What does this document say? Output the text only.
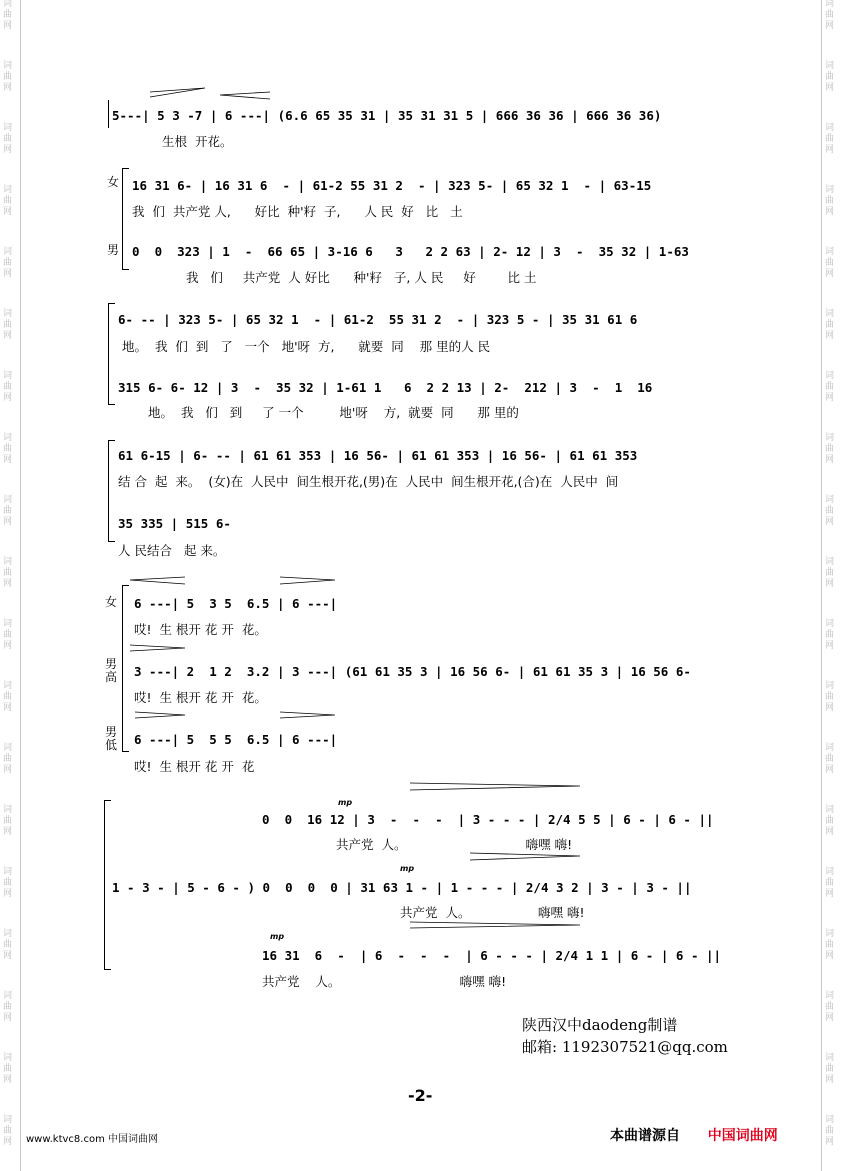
词
曲
网
词
曲
网
词
曲
网
词
曲
网
词
曲
网
词
曲
网
词
曲
网
词
曲
网
词
曲
网
词
曲
网
词
曲
网
词
曲
网
词
曲
网
词
曲
网
词
曲
网
词
曲
网
词
曲
网
词
曲
网
词
曲
网
词
曲
网
词
曲
网
词
曲
网
词
曲
网
词
曲
网
词
曲
网
词
曲
网
词
曲
网
词
曲
网
词
曲
网
词
曲
网
词
曲
网
词
曲
网
词
曲
网
词
曲
网
词
曲
网
词
曲
网
词
曲
网
词
曲
网
5---| 5 3 -7 | 6 ---| (6.6 65 35 31 | 35 31 31 5 | 666 36 36 | 666 36 36)
生根  开花。
女 16 31 6- | 16 31 6  - | 61-2 55 31 2  - | 323 5- | 65 32 1  - | 63-15
我  们  共产党 人,      好比  种'籽  子,      人 民  好   比   土
男 0  0  323 | 1  -  66 65 | 3-16 6   3   2 2 63 | 2- 12 | 3  -  35 32 | 1-63
我   们     共产党  人 好比      种'籽   子, 人 民     好        比 土
6- -- | 323 5- | 65 32 1  - | 61-2  55 31 2  - | 323 5 - | 35 31 61 6
地。  我  们  到   了   一个   地'呀  方,      就要  同    那 里的人 民
315 6- 6- 12 | 3  -  35 32 | 1-61 1   6  2 2 13 | 2-  212 | 3  -  1  16
地。  我   们   到     了 一个         地'呀    方,  就要  同      那 里的
61 6-15 | 6- -- | 61 61 353 | 16 56- | 61 61 353 | 16 56- | 61 61 353
结 合  起  来。  (女)在  人民中  间生根开花,(男)在  人民中  间生根开花,(合)在  人民中  间
35 335 | 515 6-
人 民结合   起 来。
女 6 ---| 5  3 5  6.5 | 6 ---|
哎!  生 根开 花 开  花。
男高 3 ---| 2  1 2  3.2 | 3 ---| (61 61 35 3 | 16 56 6- | 61 61 35 3 | 16 56 6-
哎!  生 根开 花 开  花。
男低 6 ---| 5  5 5  6.5 | 6 ---|
哎!  生 根开 花 开  花
mp
0  0  16 12 | 3  -  -  -  | 3 - - - | 2/4 5 5 | 6 - | 6 - ||
共产党  人。                              嗨嘿 嗨!
mp
1 - 3 - | 5 - 6 - ) 0  0  0  0 | 31 63 1 - | 1 - - - | 2/4 3 2 | 3 - | 3 - ||
共产党  人。                 嗨嘿 嗨!
mp
16 31  6  -  | 6  -  -  -  | 6 - - - | 2/4 1 1 | 6 - | 6 - ||
共产党    人。                              嗨嘿 嗨!
陕西汉中daodeng制谱
邮箱: 1192307521@qq.com
-2-
www.ktvc8.com 中国词曲网	本曲谱源自 中国词曲网
